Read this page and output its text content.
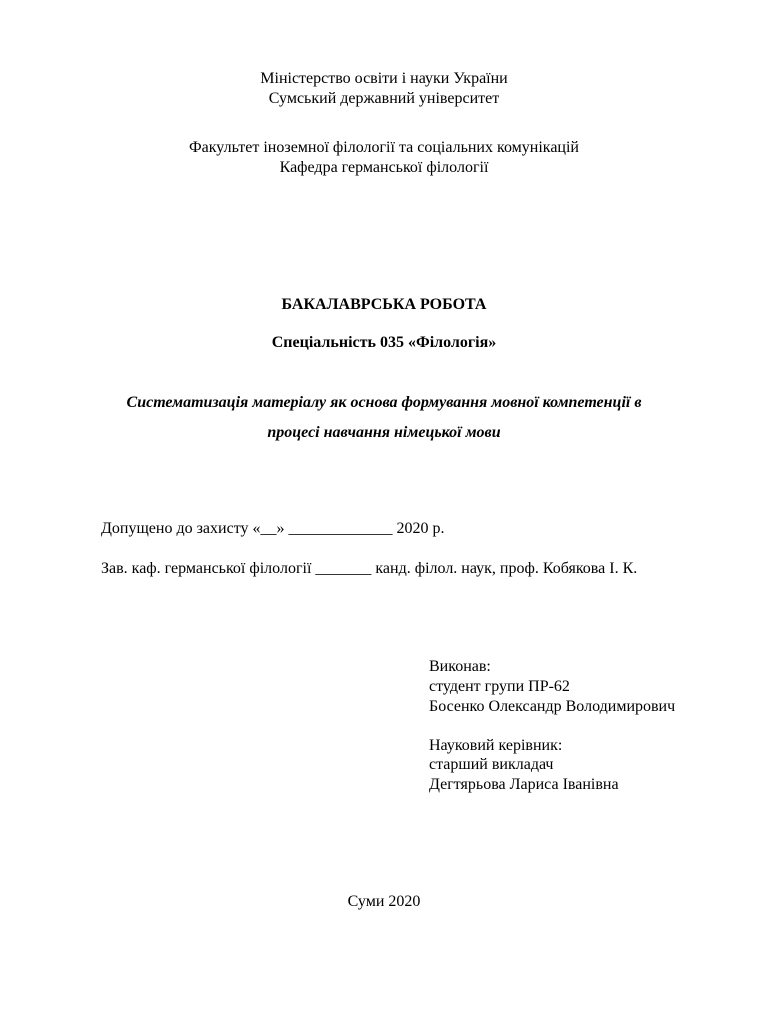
Міністерство освіти і науки України
Сумський державний університет
Факультет іноземної філології та соціальних комунікацій
Кафедра германської філології
БАКАЛАВРСЬКА РОБОТА
Спеціальність 035 «Філологія»
Систематизація матеріалу як основа формування мовної компетенції в
процесі навчання німецької мови
Допущено до захисту «__» _____________ 2020 р.
Зав. каф. германської філології _______ канд. філол. наук, проф. Кобякова І. К.
Виконав:
студент групи ПР-62
Босенко Олександр Володимирович
Науковий керівник:
старший викладач
Дегтярьова Лариса Іванівна
Суми 2020
